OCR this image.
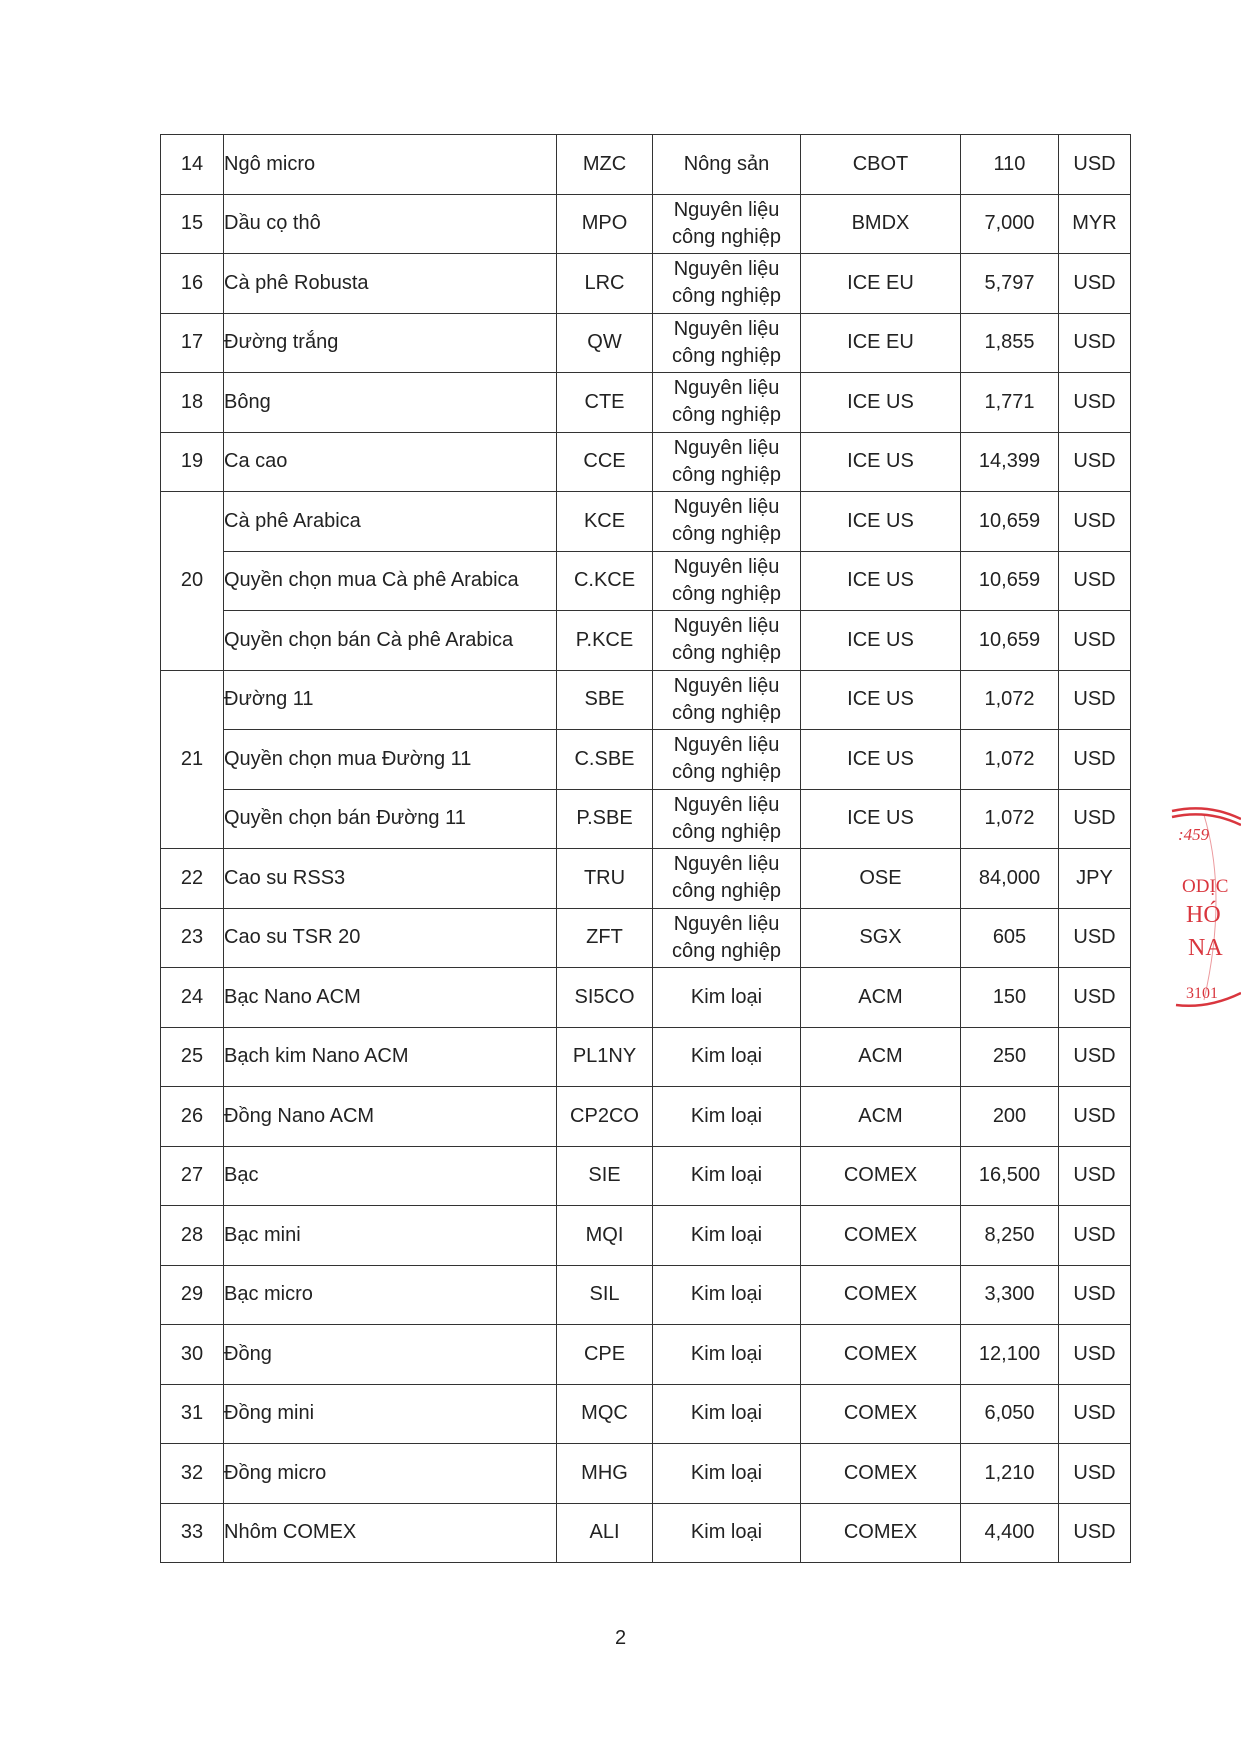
14	Ngô micro	MZC	Nông sản	CBOT	110	USD
15	Dầu cọ thô	MPO	Nguyên liệu công nghiệp	BMDX	7,000	MYR
16	Cà phê Robusta	LRC	Nguyên liệu công nghiệp	ICE EU	5,797	USD
17	Đường trắng	QW	Nguyên liệu công nghiệp	ICE EU	1,855	USD
18	Bông	CTE	Nguyên liệu công nghiệp	ICE US	1,771	USD
19	Ca cao	CCE	Nguyên liệu công nghiệp	ICE US	14,399	USD
20	Cà phê Arabica	KCE	Nguyên liệu công nghiệp	ICE US	10,659	USD
	Quyền chọn mua Cà phê Arabica	C.KCE	Nguyên liệu công nghiệp	ICE US	10,659	USD
	Quyền chọn bán Cà phê Arabica	P.KCE	Nguyên liệu công nghiệp	ICE US	10,659	USD
21	Đường 11	SBE	Nguyên liệu công nghiệp	ICE US	1,072	USD
	Quyền chọn mua Đường 11	C.SBE	Nguyên liệu công nghiệp	ICE US	1,072	USD
	Quyền chọn bán Đường 11	P.SBE	Nguyên liệu công nghiệp	ICE US	1,072	USD
22	Cao su RSS3	TRU	Nguyên liệu công nghiệp	OSE	84,000	JPY
23	Cao su TSR 20	ZFT	Nguyên liệu công nghiệp	SGX	605	USD
24	Bạc Nano ACM	SI5CO	Kim loại	ACM	150	USD
25	Bạch kim Nano ACM	PL1NY	Kim loại	ACM	250	USD
26	Đồng Nano ACM	CP2CO	Kim loại	ACM	200	USD
27	Bạc	SIE	Kim loại	COMEX	16,500	USD
28	Bạc mini	MQI	Kim loại	COMEX	8,250	USD
29	Bạc micro	SIL	Kim loại	COMEX	3,300	USD
30	Đồng	CPE	Kim loại	COMEX	12,100	USD
31	Đồng mini	MQC	Kim loại	COMEX	6,050	USD
32	Đồng micro	MHG	Kim loại	COMEX	1,210	USD
33	Nhôm COMEX	ALI	Kim loại	COMEX	4,400	USD
2
:459
ODỊC
HÓ
NA
3101
